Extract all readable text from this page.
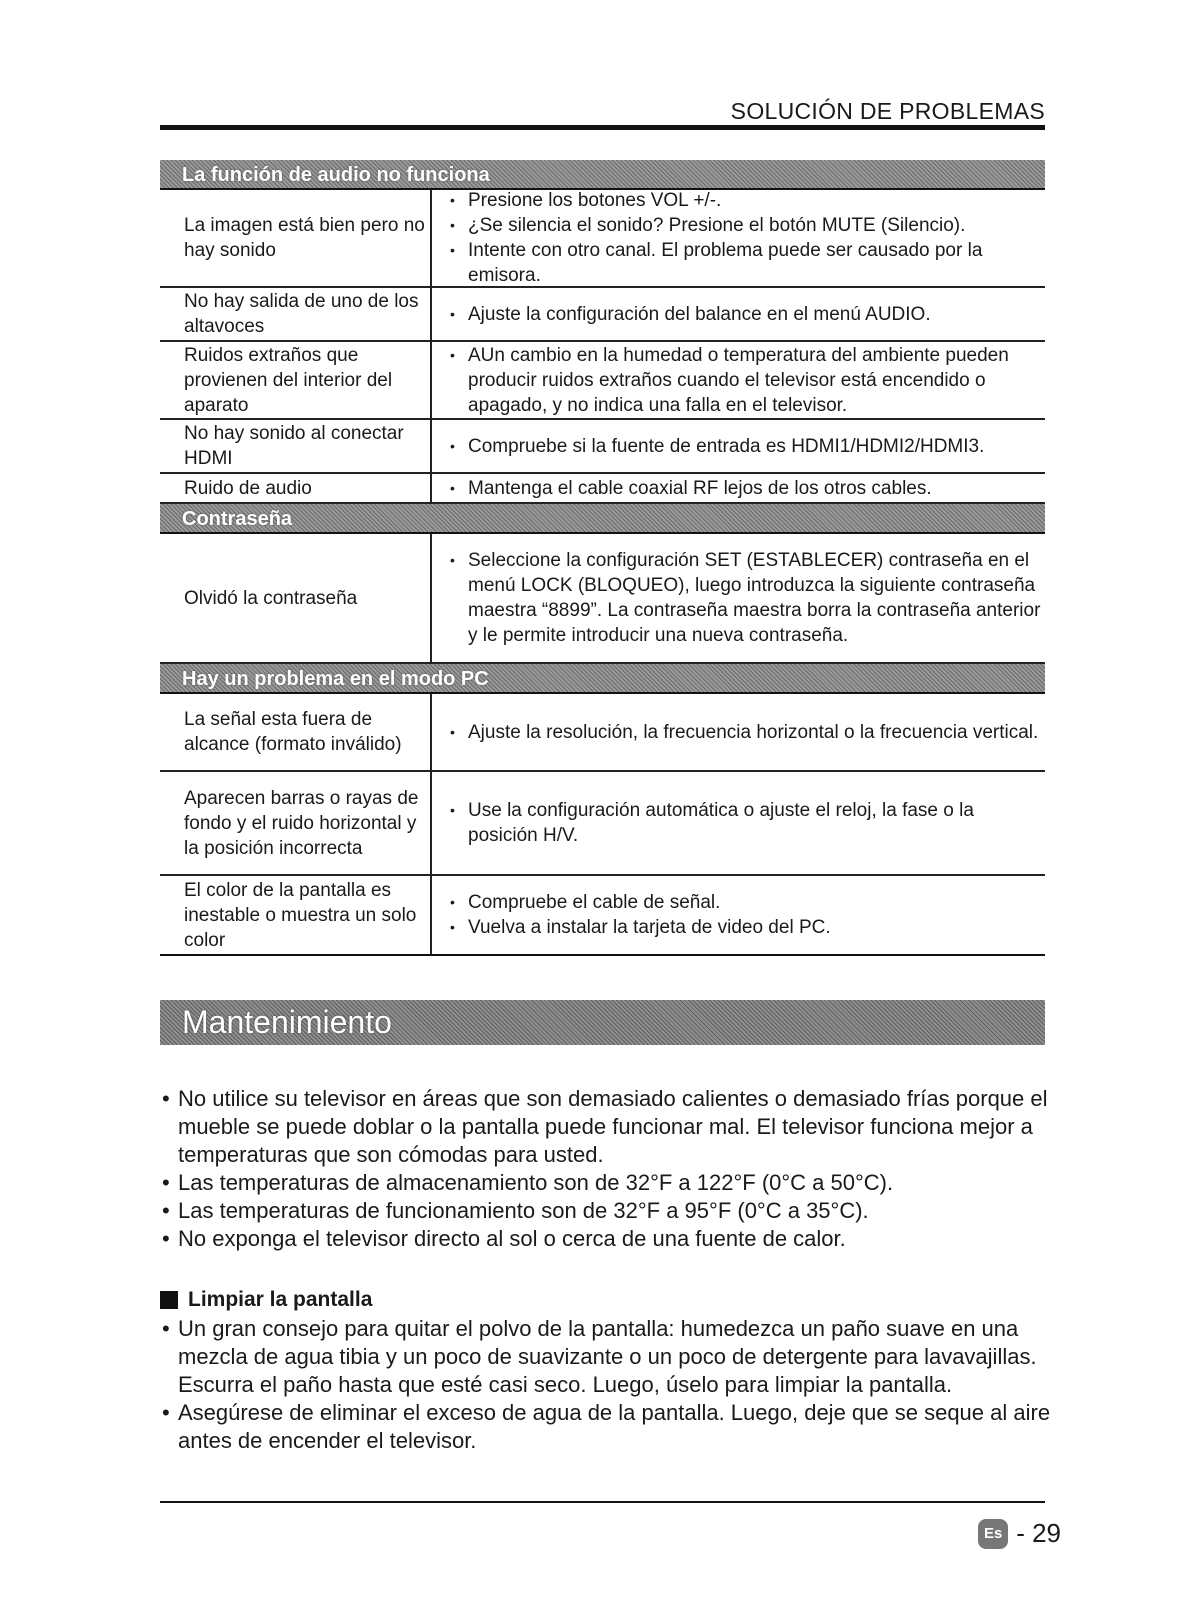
SOLUCIÓN DE PROBLEMAS
La función de audio no funciona
La imagen está bien pero no hay sonido
• Presione los botones VOL +/-.
• ¿Se silencia el sonido? Presione el botón MUTE (Silencio).
• Intente con otro canal. El problema puede ser causado por la emisora.
No hay salida de uno de los altavoces
• Ajuste la configuración del balance en el menú AUDIO.
Ruidos extraños que provienen del interior del aparato
• AUn cambio en la humedad o temperatura del ambiente pueden producir ruidos extraños cuando el televisor está encendido o apagado, y no indica una falla en el televisor.
No hay sonido al conectar HDMI
• Compruebe si la fuente de entrada es HDMI1/HDMI2/HDMI3.
Ruido de audio
•	Mantenga el cable coaxial RF lejos de los otros cables.
Contraseña
Olvidó la contraseña
• Seleccione la configuración SET (ESTABLECER) contraseña en el menú LOCK (BLOQUEO), luego introduzca la siguiente contraseña maestra “8899”. La contraseña maestra borra la contraseña anterior y le permite introducir una nueva contraseña.
Hay un problema en el modo PC
La señal esta fuera de alcance (formato inválido)
• Ajuste la resolución, la frecuencia horizontal o la frecuencia vertical.
Aparecen barras o rayas de fondo y el ruido horizontal y la posición incorrecta
• Use la configuración automática o ajuste el reloj, la fase o la posición H/V.
El color de la pantalla es inestable o muestra un solo color
• Compruebe el cable de señal.
• Vuelva a instalar la tarjeta de video del PC.
Mantenimiento
• No utilice su televisor en áreas que son demasiado calientes o demasiado frías porque el mueble se puede doblar o la pantalla puede funcionar mal. El televisor funciona mejor a temperaturas que son cómodas para usted.
• Las temperaturas de almacenamiento son de 32°F a 122°F (0°C a 50°C).
• Las temperaturas de funcionamiento son de 32°F a 95°F (0°C a 35°C).
• No exponga el televisor directo al sol o cerca de una fuente de calor.
Limpiar la pantalla
• Un gran consejo para quitar el polvo de la pantalla: humedezca un paño suave en una mezcla de agua tibia y un poco de suavizante o un poco de detergente para lavavajillas. Escurra el paño hasta que esté casi seco. Luego, úselo para limpiar la pantalla.
• Asegúrese de eliminar el exceso de agua de la pantalla. Luego, deje que se seque al aire antes de encender el televisor.
Es - 29
